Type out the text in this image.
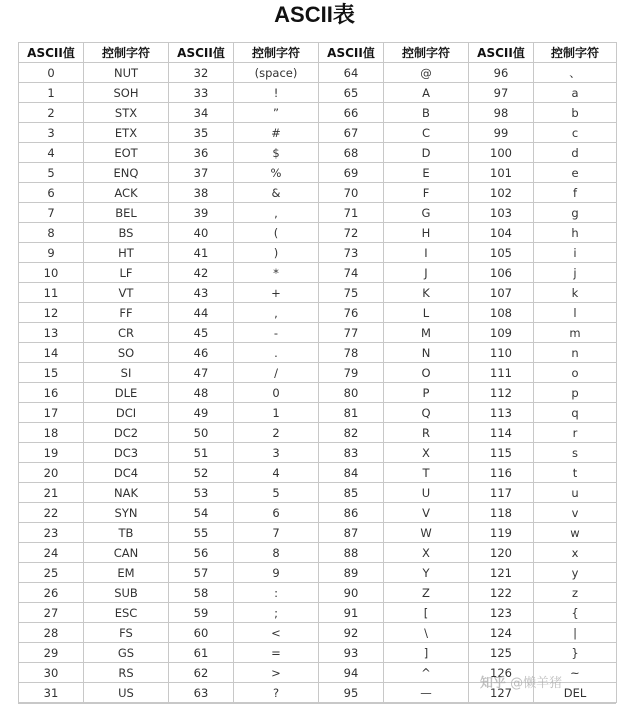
ASCII表
ASCII值	控制字符	ASCII值	控制字符	ASCII值	控制字符	ASCII值	控制字符
0	NUT	32	(space)	64	@	96	、
1	SOH	33	!	65	A	97	a
2	STX	34	”	66	B	98	b
3	ETX	35	#	67	C	99	c
4	EOT	36	$	68	D	100	d
5	ENQ	37	%	69	E	101	e
6	ACK	38	&	70	F	102	f
7	BEL	39	,	71	G	103	g
8	BS	40	(	72	H	104	h
9	HT	41	)	73	I	105	i
10	LF	42	*	74	J	106	j
11	VT	43	+	75	K	107	k
12	FF	44	,	76	L	108	l
13	CR	45	-	77	M	109	m
14	SO	46	.	78	N	110	n
15	SI	47	/	79	O	111	o
16	DLE	48	0	80	P	112	p
17	DCI	49	1	81	Q	113	q
18	DC2	50	2	82	R	114	r
19	DC3	51	3	83	X	115	s
20	DC4	52	4	84	T	116	t
21	NAK	53	5	85	U	117	u
22	SYN	54	6	86	V	118	v
23	TB	55	7	87	W	119	w
24	CAN	56	8	88	X	120	x
25	EM	57	9	89	Y	121	y
26	SUB	58	:	90	Z	122	z
27	ESC	59	;	91	[	123	{
28	FS	60	<	92	\	124	|
29	GS	61	=	93	]	125	}
30	RS	62	>	94	^	126	~
31	US	63	?	95	—	127	DEL
知乎 @懒羊猪
